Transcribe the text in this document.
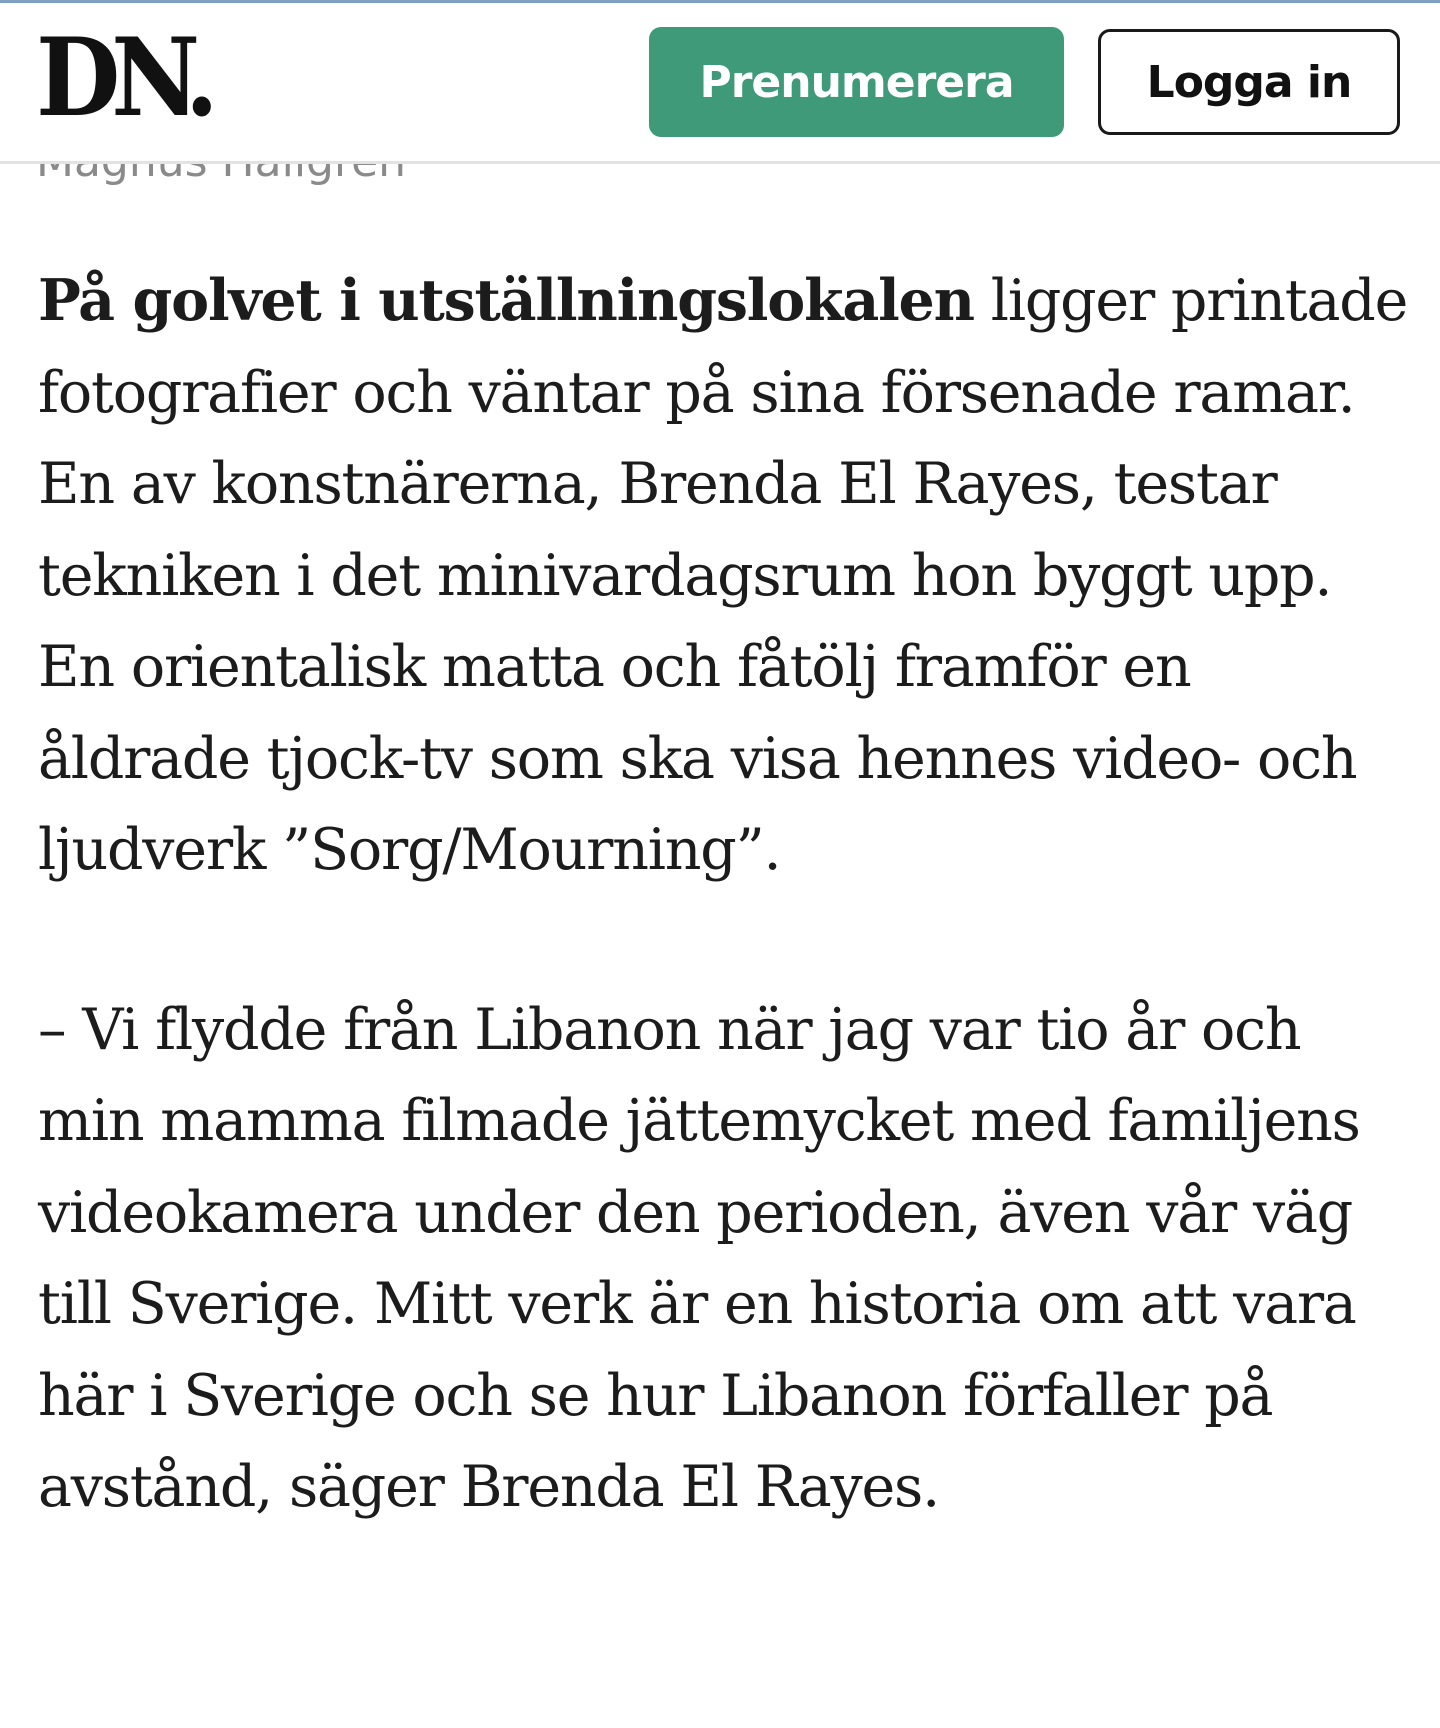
DN.	Prenumerera	Logga in

På golvet i utställningslokalen ligger printade fotografier och väntar på sina försenade ramar. En av konstnärerna, Brenda El Rayes, testar tekniken i det minivardagsrum hon byggt upp. En orientalisk matta och fåtölj framför en åldrade tjock-tv som ska visa hennes video- och ljudverk ”Sorg/Mourning”.

– Vi flydde från Libanon när jag var tio år och min mamma filmade jättemycket med familjens videokamera under den perioden, även vår väg till Sverige. Mitt verk är en historia om att vara här i Sverige och se hur Libanon förfaller på avstånd, säger Brenda El Rayes.
